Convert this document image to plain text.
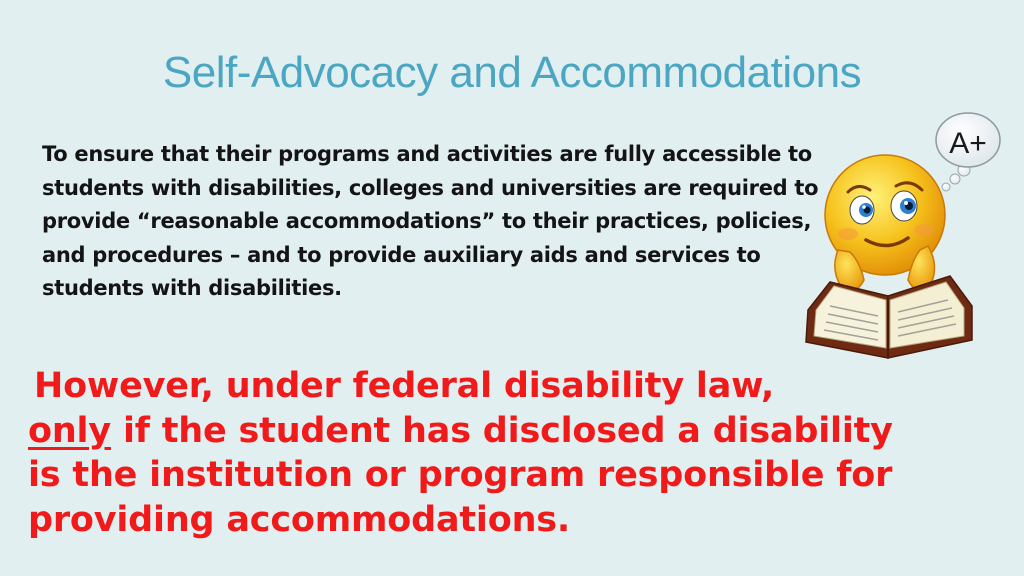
Self-Advocacy and Accommodations
To ensure that their programs and activities are fully accessible to students with disabilities, colleges and universities are required to provide “reasonable accommodations” to their practices, policies, and procedures – and to provide auxiliary aids and services to students with disabilities.
However, under federal disability law,
only if the student has disclosed a disability
is the institution or program responsible for
providing accommodations.
A+
